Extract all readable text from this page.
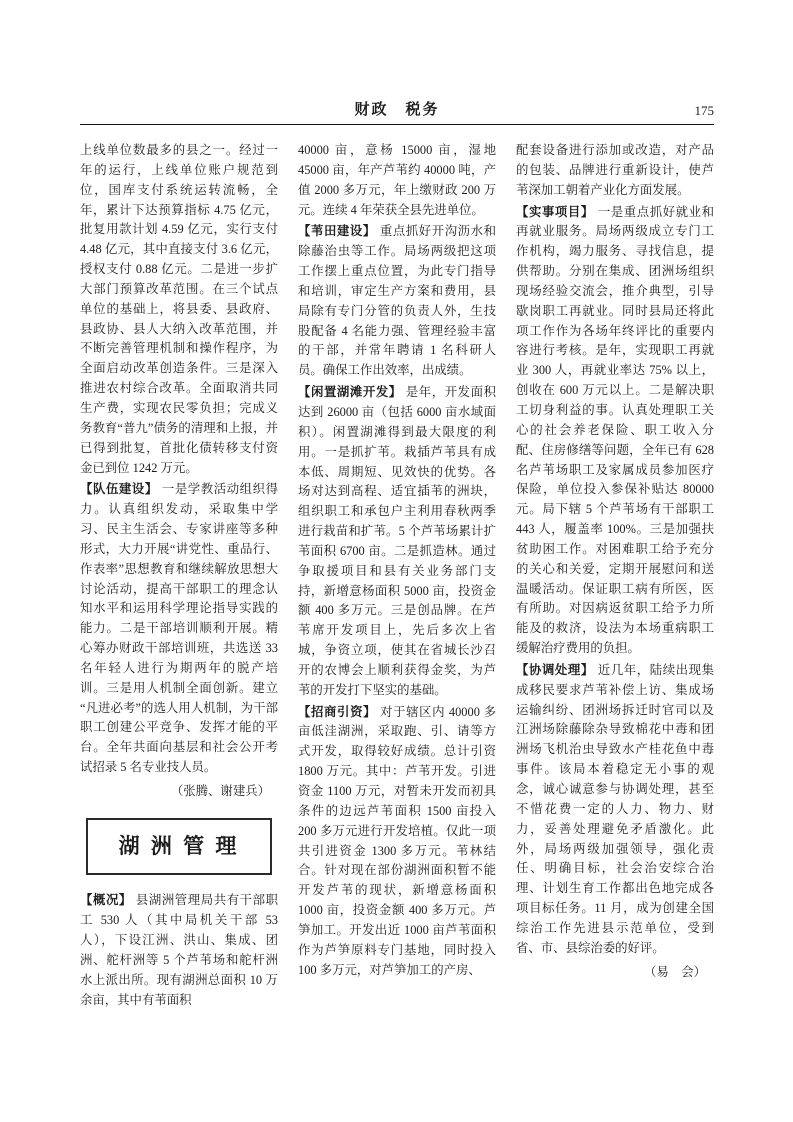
财政　税务	175

上线单位数最多的县之一。经过一年的运行，上线单位账户规范到位，国库支付系统运转流畅，全年，累计下达预算指标 4.75 亿元，批复用款计划 4.59 亿元，实行支付 4.48 亿元，其中直接支付 3.6 亿元，授权支付 0.88 亿元。二是进一步扩大部门预算改革范围。在三个试点单位的基础上，将县委、县政府、县政协、县人大纳入改革范围，并不断完善管理机制和操作程序，为全面启动改革创造条件。三是深入推进农村综合改革。全面取消共同生产费，实现农民零负担；完成义务教育“普九”债务的清理和上报，并已得到批复，首批化债转移支付资金已到位 1242 万元。

【队伍建设】 一是学教活动组织得力。认真组织发动，采取集中学习、民主生活会、专家讲座等多种形式，大力开展“讲党性、重品行、作表率”思想教育和继续解放思想大讨论活动，提高干部职工的理念认知水平和运用科学理论指导实践的能力。二是干部培训顺利开展。精心筹办财政干部培训班，共选送 33 名年轻人进行为期两年的脱产培训。三是用人机制全面创新。建立“凡进必考”的选人用人机制，为干部职工创建公平竞争、发挥才能的平台。全年共面向基层和社会公开考试招录 5 名专业技人员。

（张腾、谢建兵）
湖 洲 管 理

【概况】 县湖洲管理局共有干部职工 530 人（其中局机关干部 53 人），下设江洲、洪山、集成、团洲、舵杆洲等 5 个芦苇场和舵杆洲水上派出所。现有湖洲总面积 10 万余亩，其中有苇面积

40000 亩，意杨 15000 亩，湿地 45000 亩，年产芦苇约 40000 吨，产值 2000 多万元，年上缴财政 200 万元。连续 4 年荣获全县先进单位。

【苇田建设】 重点抓好开沟沥水和除藤治虫等工作。局场两级把这项工作摆上重点位置，为此专门指导和培训，审定生产方案和费用，县局除有专门分管的负责人外，生技股配备 4 名能力强、管理经验丰富的干部，并常年聘请 1 名科研人员。确保工作出效率，出成绩。

【闲置湖滩开发】 是年，开发面积达到 26000 亩（包括 6000 亩水域面积）。闲置湖滩得到最大限度的利用。一是抓扩苇。栽插芦苇具有成本低、周期短、见效快的优势。各场对达到高程、适宜插苇的洲块，组织职工和承包户主利用春秋两季进行栽苗和扩苇。5 个芦苇场累计扩苇面积 6700 亩。二是抓造林。通过争取援项目和县有关业务部门支持，新增意杨面积 5000 亩，投资金额 400 多万元。三是创品牌。在芦苇席开发项目上，先后多次上省城，争资立项，使其在省城长沙召开的农博会上顺利获得金奖，为芦苇的开发打下坚实的基础。

【招商引资】 对于辖区内 40000 多亩低洼湖洲，采取跑、引、请等方式开发，取得较好成绩。总计引资 1800 万元。其中：芦苇开发。引进资金 1100 万元，对暂未开发而初具条件的边远芦苇面积 1500 亩投入 200 多万元进行开发培植。仅此一项共引进资金 1300 多万元。苇林结合。针对现在部份湖洲面积暂不能开发芦苇的现状，新增意杨面积 1000 亩，投资金额 400 多万元。芦笋加工。开发出近 1000 亩芦苇面积作为芦笋原料专门基地，同时投入 100 多万元，对芦笋加工的产房、

配套设备进行添加或改造，对产品的包装、品牌进行重新设计，使芦苇深加工朝着产业化方面发展。

【实事项目】 一是重点抓好就业和再就业服务。局场两级成立专门工作机构，竭力服务、寻找信息，提供帮助。分别在集成、团洲场组织现场经验交流会，推介典型，引导歇岗职工再就业。同时县局还将此项工作作为各场年终评比的重要内容进行考核。是年，实现职工再就业 300 人，再就业率达 75% 以上，创收在 600 万元以上。二是解决职工切身利益的事。认真处理职工关心的社会养老保险、职工收入分配、住房修缮等问题，全年已有 628 名芦苇场职工及家属成员参加医疗保险，单位投入参保补贴达 80000 元。局下辖 5 个芦苇场有干部职工 443 人，履盖率 100%。三是加强扶贫助困工作。对困难职工给予充分的关心和关爱，定期开展慰问和送温暖活动。保证职工病有所医，医有所助。对因病返贫职工给予力所能及的救济，设法为本场重病职工缓解治疗费用的负担。

【协调处理】 近几年，陆续出现集成移民要求芦苇补偿上访、集成场运输纠纷、团洲场拆迁时官司以及江洲场除藤除杂导致棉花中毒和团洲场飞机治虫导致水产桂花鱼中毒事件。该局本着稳定无小事的观念，诚心诚意参与协调处理，甚至不惜花费一定的人力、物力、财力，妥善处理避免矛盾激化。此外，局场两级加强领导，强化责任、明确目标，社会治安综合治理、计划生育工作都出色地完成各项目标任务。11 月，成为创建全国综治工作先进县示范单位，受到省、市、县综治委的好评。

（易　会）
